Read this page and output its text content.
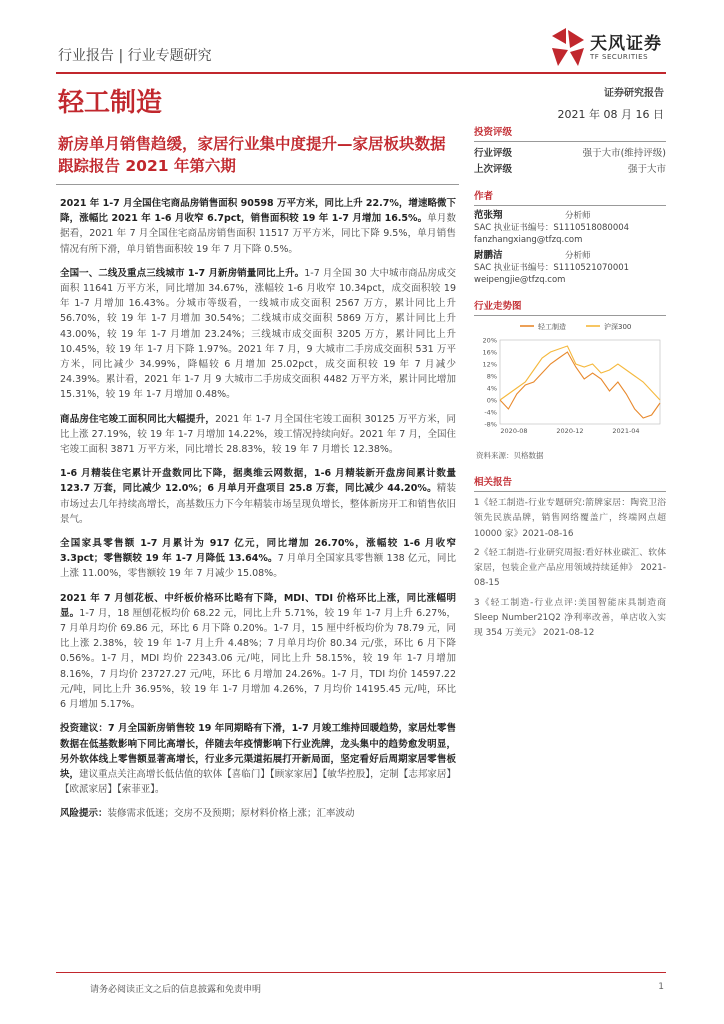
行业报告 | 行业专题研究
天风证券
TF SECURITIES
轻工制造	证券研究报告
2021 年 08 月 16 日
新房单月销售趋缓，家居行业集中度提升—家居板块数据跟踪报告 2021 年第六期
2021 年 1-7 月全国住宅商品房销售面积 90598 万平方米，同比上升 22.7%，增速略微下降，涨幅比 2021 年 1-6 月收窄 6.7pct，销售面积较 19 年 1-7 月增加 16.5%。单月数据看，2021 年 7 月全国住宅商品房销售面积 11517 万平方米，同比下降 9.5%，单月销售情况有所下滑，单月销售面积较 19 年 7 月下降 0.5%。
全国一、二线及重点三线城市 1-7 月新房销量同比上升。1-7 月全国 30 大中城市商品房成交面积 11641 万平方米，同比增加 34.67%，涨幅较 1-6 月收窄 10.34pct，成交面积较 19 年 1-7 月增加 16.43%。分城市等级看，一线城市成交面积 2567 万方，累计同比上升 56.70%，较 19 年 1-7 月增加 30.54%；二线城市成交面积 5869 万方，累计同比上升 43.00%，较 19 年 1-7 月增加 23.24%；三线城市成交面积 3205 万方，累计同比上升 10.45%，较 19 年 1-7 月下降 1.97%。2021 年 7 月，9 大城市二手房成交面积 531 万平方米，同比减少 34.99%，降幅较 6 月增加 25.02pct，成交面积较 19 年 7 月减少 24.39%。累计看，2021 年 1-7 月 9 大城市二手房成交面积 4482 万平方米，累计同比增加 15.31%，较 19 年 1-7 月增加 0.48%。
商品房住宅竣工面积同比大幅提升，2021 年 1-7 月全国住宅竣工面积 30125 万平方米，同比上涨 27.19%，较 19 年 1-7 月增加 14.22%，竣工情况持续向好。2021 年 7 月，全国住宅竣工面积 3871 万平方米，同比增长 28.83%，较 19 年 7 月增长 12.38%。
1-6 月精装住宅累计开盘数同比下降，据奥维云网数据，1-6 月精装新开盘房间累计数量 123.7 万套，同比减少 12.0%；6 月单月开盘项目 25.8 万套，同比减少 44.20%。精装市场过去几年持续高增长，高基数压力下今年精装市场呈现负增长，整体新房开工和销售依旧景气。
全国家具零售额 1-7 月累计为 917 亿元，同比增加 26.70%，涨幅较 1-6 月收窄 3.3pct；零售额较 19 年 1-7 月降低 13.64%。7 月单月全国家具零售额 138 亿元，同比上涨 11.00%，零售额较 19 年 7 月减少 15.08%。
2021 年 7 月刨花板、中纤板价格环比略有下降，MDI、TDI 价格环比上涨，同比涨幅明显。1-7 月，18 厘刨花板均价 68.22 元，同比上升 5.71%，较 19 年 1-7 月上升 6.27%，7 月单月均价 69.86 元，环比 6 月下降 0.20%。1-7 月，15 厘中纤板均价为 78.79 元，同比上涨 2.38%，较 19 年 1-7 月上升 4.48%；7 月单月均价 80.34 元/张，环比 6 月下降 0.56%。1-7 月，MDI 均价 22343.06 元/吨，同比上升 58.15%，较 19 年 1-7 月增加 8.16%，7 月均价 23727.27 元/吨，环比 6 月增加 24.26%。1-7 月，TDI 均价 14597.22 元/吨，同比上升 36.95%，较 19 年 1-7 月增加 4.26%，7 月均价 14195.45 元/吨，环比 6 月增加 5.17%。
投资建议：7 月全国新房销售较 19 年同期略有下滑，1-7 月竣工维持回暖趋势，家居灶零售数据在低基数影响下同比高增长，伴随去年疫情影响下行业洗牌，龙头集中的趋势愈发明显，另外软体线上零售额显著高增长，行业多元渠道拓展打开新局面，坚定看好后周期家居零售板块，建议重点关注高增长低估值的软体【喜临门】【顾家家居】【敏华控股】，定制【志邦家居】【欧派家居】【索菲亚】。
风险提示：装修需求低迷；交房不及预期；原材料价格上涨；汇率波动
投资评级
行业评级	强于大市(维持评级)
上次评级	强于大市
作者
范张翔	分析师
SAC 执业证书编号：S1110518080004
fanzhangxiang@tfzq.com
尉鹏洁	分析师
SAC 执业证书编号：S1110521070001
weipengjie@tfzq.com
行业走势图
20%
16%
12%
8%
4%
0%
-4%
-8%
2020-08	2020-12	2021-04
轻工制造	沪深300
资料来源：贝格数据
相关报告
1《轻工制造-行业专题研究:箭牌家居：陶瓷卫浴领先民族品牌，销售网络覆盖广，终端网点超 10000 家》2021-08-16
2《轻工制造-行业研究周报:看好林业碳汇、软体家居，包装企业产品应用领域持续延伸》 2021-08-15
3《轻工制造-行业点评:美国智能床具制造商 Sleep Number21Q2 净利率改善，单店收入实现 354 万美元》 2021-08-12
请务必阅读正文之后的信息披露和免责申明	1
